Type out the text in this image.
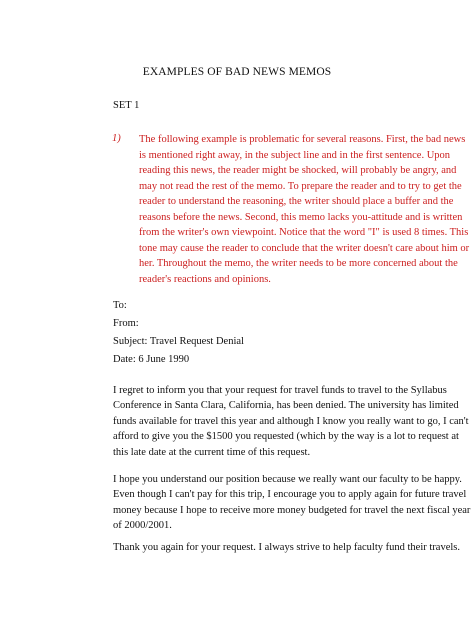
EXAMPLES OF BAD NEWS MEMOS
SET 1
1) The following example is problematic for several reasons. First, the bad news
is mentioned right away, in the subject line and in the first sentence. Upon
reading this news, the reader might be shocked, will probably be angry, and
may not read the rest of the memo. To prepare the reader and to try to get the
reader to understand the reasoning, the writer should place a buffer and the
reasons before the news. Second, this memo lacks you-attitude and is written
from the writer's own viewpoint. Notice that the word "I" is used 8 times. This
tone may cause the reader to conclude that the writer doesn't care about him or
her. Throughout the memo, the writer needs to be more concerned about the
reader's reactions and opinions.

To:

From:

Subject: Travel Request Denial

Date: 6 June 1990

I regret to inform you that your request for travel funds to travel to the Syllabus
Conference in Santa Clara, California, has been denied. The university has limited
funds available for travel this year and although I know you really want to go, I can't
afford to give you the $1500 you requested (which by the way is a lot to request at
this late date at the current time of this request.

I hope you understand our position because we really want our faculty to be happy.
Even though I can't pay for this trip, I encourage you to apply again for future travel
money because I hope to receive more money budgeted for travel the next fiscal year
of 2000/2001.

Thank you again for your request. I always strive to help faculty fund their travels.
